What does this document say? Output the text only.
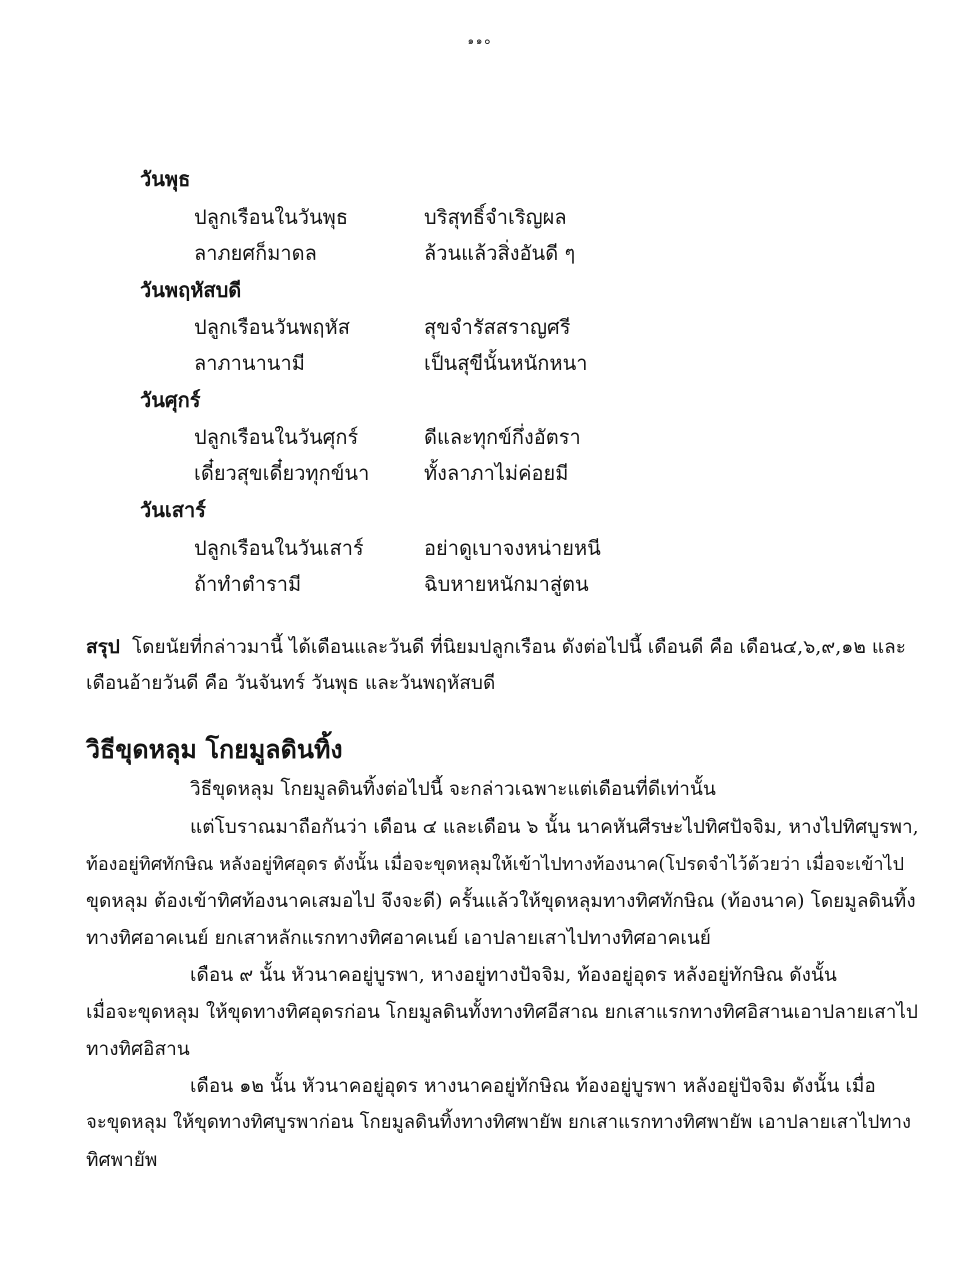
๑๑๐
วันพุธ
ปลูกเรือนในวันพุธ	บริสุทธิ์จำเริญผล
ลาภยศก็มาดล	ล้วนแล้วสิ่งอันดี ๆ
วันพฤหัสบดี
ปลูกเรือนวันพฤหัส	สุขจำรัสสราญศรี
ลาภานานามี	เป็นสุขีนั้นหนักหนา
วันศุกร์
ปลูกเรือนในวันศุกร์	ดีและทุกข์กึ่งอัตรา
เดี๋ยวสุขเดี๋ยวทุกข์นา	ทั้งลาภาไม่ค่อยมี
วันเสาร์
ปลูกเรือนในวันเสาร์	อย่าดูเบาจงหน่ายหนี
ถ้าทำตำรามี	ฉิบหายหนักมาสู่ตน
สรุป โดยนัยที่กล่าวมานี้ ได้เดือนและวันดี ที่นิยมปลูกเรือน ดังต่อไปนี้ เดือนดี คือ เดือน๔,๖,๙,๑๒ และ
เดือนอ้ายวันดี คือ วันจันทร์ วันพุธ และวันพฤหัสบดี
วิธีขุดหลุม โกยมูลดินทิ้ง
วิธีขุดหลุม โกยมูลดินทิ้งต่อไปนี้ จะกล่าวเฉพาะแต่เดือนที่ดีเท่านั้น
แต่โบราณมาถือกันว่า เดือน ๔ และเดือน ๖ นั้น นาคหันศีรษะไปทิศปัจจิม, หางไปทิศบูรพา,
ท้องอยู่ทิศทักษิณ หลังอยู่ทิศอุดร ดังนั้น เมื่อจะขุดหลุมให้เข้าไปทางท้องนาค(โปรดจำไว้ด้วยว่า เมื่อจะเข้าไป
ขุดหลุม ต้องเข้าทิศท้องนาคเสมอไป จึงจะดี) ครั้นแล้วให้ขุดหลุมทางทิศทักษิณ (ท้องนาค) โดยมูลดินทิ้ง
ทางทิศอาคเนย์ ยกเสาหลักแรกทางทิศอาคเนย์ เอาปลายเสาไปทางทิศอาคเนย์
เดือน ๙ นั้น หัวนาคอยู่บูรพา, หางอยู่ทางปัจจิม, ท้องอยู่อุดร หลังอยู่ทักษิณ ดังนั้น
เมื่อจะขุดหลุม ให้ขุดทางทิศอุดรก่อน โกยมูลดินทั้งทางทิศอีสาณ ยกเสาแรกทางทิศอิสานเอาปลายเสาไป
ทางทิศอิสาน
เดือน ๑๒ นั้น หัวนาคอยู่อุดร หางนาคอยู่ทักษิณ ท้องอยู่บูรพา หลังอยู่ปัจจิม ดังนั้น เมื่อ
จะขุดหลุม ให้ขุดทางทิศบูรพาก่อน โกยมูลดินทิ้งทางทิศพายัพ ยกเสาแรกทางทิศพายัพ เอาปลายเสาไปทาง
ทิศพายัพ
